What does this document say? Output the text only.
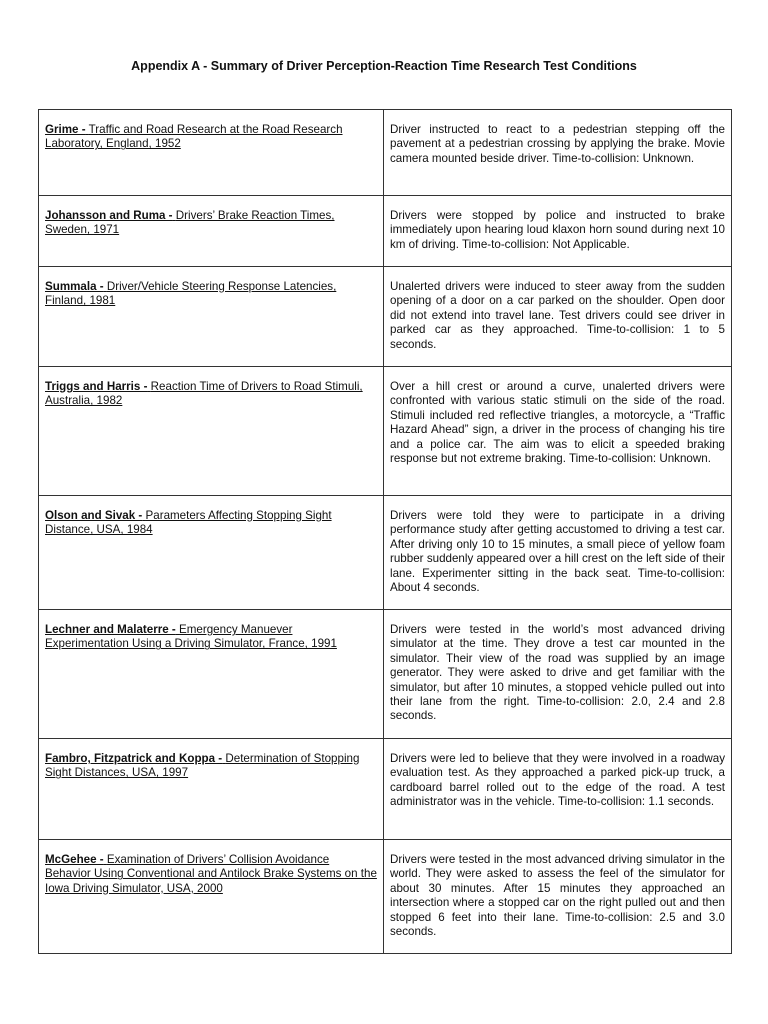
Appendix A - Summary of Driver Perception-Reaction Time Research Test Conditions
Grime - Traffic and Road Research at the Road Research Laboratory, England, 1952	Driver instructed to react to a pedestrian stepping off the pavement at a pedestrian crossing by applying the brake. Movie camera mounted beside driver. Time-to-collision: Unknown.
Johansson and Ruma - Drivers’ Brake Reaction Times, Sweden, 1971	Drivers were stopped by police and instructed to brake immediately upon hearing loud klaxon horn sound during next 10 km of driving. Time-to-collision: Not Applicable.
Summala - Driver/Vehicle Steering Response Latencies, Finland, 1981	Unalerted drivers were induced to steer away from the sudden opening of a door on a car parked on the shoulder. Open door did not extend into travel lane. Test drivers could see driver in parked car as they approached. Time-to-collision: 1 to 5 seconds.
Triggs and Harris - Reaction Time of Drivers to Road Stimuli, Australia, 1982	Over a hill crest or around a curve, unalerted drivers were confronted with various static stimuli on the side of the road. Stimuli included red reflective triangles, a motorcycle, a “Traffic Hazard Ahead” sign, a driver in the process of changing his tire and a police car. The aim was to elicit a speeded braking response but not extreme braking. Time-to-collision: Unknown.
Olson and Sivak - Parameters Affecting Stopping Sight Distance, USA, 1984	Drivers were told they were to participate in a driving performance study after getting accustomed to driving a test car. After driving only 10 to 15 minutes, a small piece of yellow foam rubber suddenly appeared over a hill crest on the left side of their lane. Experimenter sitting in the back seat. Time-to-collision: About 4 seconds.
Lechner and Malaterre - Emergency Manuever Experimentation Using a Driving Simulator, France, 1991	Drivers were tested in the world’s most advanced driving simulator at the time. They drove a test car mounted in the simulator. Their view of the road was supplied by an image generator. They were asked to drive and get familiar with the simulator, but after 10 minutes, a stopped vehicle pulled out into their lane from the right. Time-to-collision: 2.0, 2.4 and 2.8 seconds.
Fambro, Fitzpatrick and Koppa - Determination of Stopping Sight Distances, USA, 1997	Drivers were led to believe that they were involved in a roadway evaluation test. As they approached a parked pick-up truck, a cardboard barrel rolled out to the edge of the road. A test administrator was in the vehicle. Time-to-collision: 1.1 seconds.
McGehee - Examination of Drivers’ Collision Avoidance Behavior Using Conventional and Antilock Brake Systems on the Iowa Driving Simulator, USA, 2000	Drivers were tested in the most advanced driving simulator in the world. They were asked to assess the feel of the simulator for about 30 minutes. After 15 minutes they approached an intersection where a stopped car on the right pulled out and then stopped 6 feet into their lane. Time-to-collision: 2.5 and 3.0 seconds.
